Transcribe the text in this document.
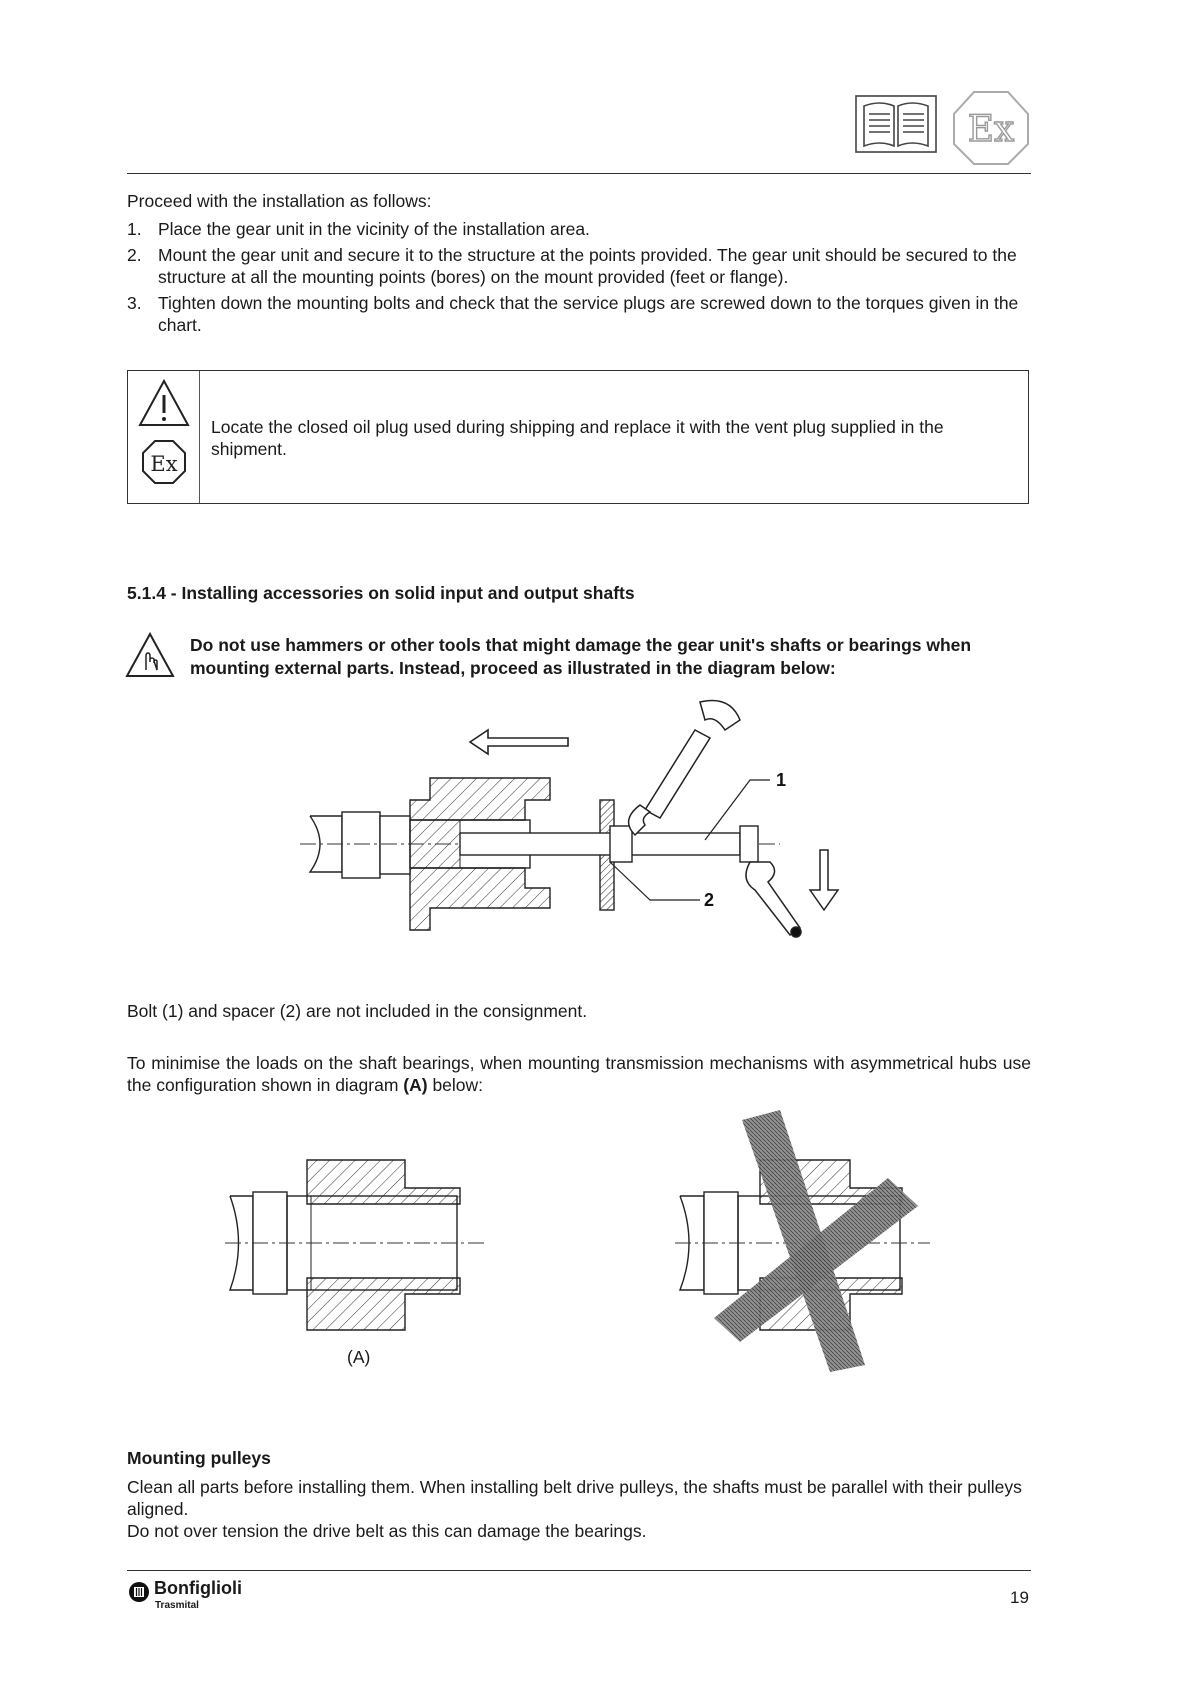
Ex
Proceed with the installation as follows:
1. Place the gear unit in the vicinity of the installation area.
2. Mount the gear unit and secure it to the structure at the points provided. The gear unit should be secured to the structure at all the mounting points (bores) on the mount provided (feet or flange).
3. Tighten down the mounting bolts and check that the service plugs are screwed down to the torques given in the chart.
Ex
Locate the closed oil plug used during shipping and replace it with the vent plug supplied in the shipment.
5.1.4 - Installing accessories on solid input and output shafts
Do not use hammers or other tools that might damage the gear unit's shafts or bearings when mounting external parts. Instead, proceed as illustrated in the diagram below:
1
2
Bolt (1) and spacer (2) are not included in the consignment.
To minimise the loads on the shaft bearings, when mounting transmission mechanisms with asymmetrical hubs use the configuration shown in diagram (A) below:
(A)
Mounting pulleys
Clean all parts before installing them. When installing belt drive pulleys, the shafts must be parallel with their pulleys aligned.
Do not over tension the drive belt as this can damage the bearings.
Bonfiglioli
Trasmital	19
